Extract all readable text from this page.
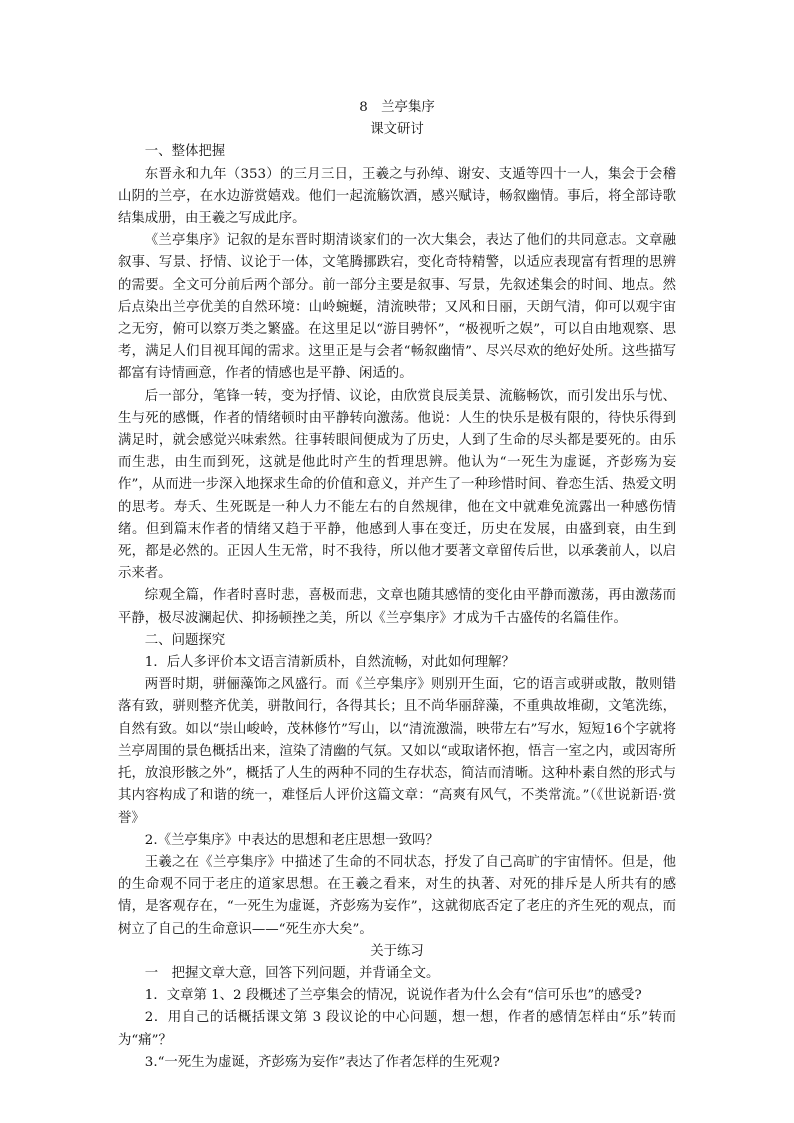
8　兰亭集序

课文研讨

一、整体把握

东晋永和九年（353）的三月三日，王羲之与孙绰、谢安、支遁等四十一人，集会于会稽山阴的兰亭，在水边游赏嬉戏。他们一起流觞饮酒，感兴赋诗，畅叙幽情。事后，将全部诗歌结集成册，由王羲之写成此序。

《兰亭集序》记叙的是东晋时期清谈家们的一次大集会，表达了他们的共同意志。文章融叙事、写景、抒情、议论于一体，文笔腾挪跌宕，变化奇特精警，以适应表现富有哲理的思辨的需要。全文可分前后两个部分。前一部分主要是叙事、写景，先叙述集会的时间、地点。然后点染出兰亭优美的自然环境：山岭蜿蜒，清流映带；又风和日丽，天朗气清，仰可以观宇宙之无穷，俯可以察万类之繁盛。在这里足以“游目骋怀”，“极视听之娱”，可以自由地观察、思考，满足人们目视耳闻的需求。这里正是与会者“畅叙幽情”、尽兴尽欢的绝好处所。这些描写都富有诗情画意，作者的情感也是平静、闲适的。

后一部分，笔锋一转，变为抒情、议论，由欣赏良辰美景、流觞畅饮，而引发出乐与忧、生与死的感慨，作者的情绪顿时由平静转向激荡。他说：人生的快乐是极有限的，待快乐得到满足时，就会感觉兴味索然。往事转眼间便成为了历史，人到了生命的尽头都是要死的。由乐而生悲，由生而到死，这就是他此时产生的哲理思辨。他认为“一死生为虚诞，齐彭殇为妄作”，从而进一步深入地探求生命的价值和意义，并产生了一种珍惜时间、眷恋生活、热爱文明的思考。寿夭、生死既是一种人力不能左右的自然规律，他在文中就难免流露出一种感伤情绪。但到篇末作者的情绪又趋于平静，他感到人事在变迁，历史在发展，由盛到衰，由生到死，都是必然的。正因人生无常，时不我待，所以他才要著文章留传后世，以承袭前人，以启示来者。

综观全篇，作者时喜时悲，喜极而悲，文章也随其感情的变化由平静而激荡，再由激荡而平静，极尽波澜起伏、抑扬顿挫之美，所以《兰亭集序》才成为千古盛传的名篇佳作。

二、问题探究

1．后人多评价本文语言清新质朴，自然流畅，对此如何理解？

两晋时期，骈俪藻饰之风盛行。而《兰亭集序》则别开生面，它的语言或骈或散，散则错落有致，骈则整齐优美，骈散间行，各得其长；且不尚华丽辞藻，不重典故堆砌，文笔洗练，自然有致。如以“崇山峻岭，茂林修竹”写山，以“清流激湍，映带左右”写水，短短16个字就将兰亭周围的景色概括出来，渲染了清幽的气氛。又如以“或取诸怀抱，悟言一室之内，或因寄所托，放浪形骸之外”，概括了人生的两种不同的生存状态，简洁而清晰。这种朴素自然的形式与其内容构成了和谐的统一，难怪后人评价这篇文章：“高爽有风气，不类常流。”（《世说新语·赏誉》

2.《兰亭集序》中表达的思想和老庄思想一致吗？

王羲之在《兰亭集序》中描述了生命的不同状态，抒发了自己高旷的宇宙情怀。但是，他的生命观不同于老庄的道家思想。在王羲之看来，对生的执著、对死的排斥是人所共有的感情，是客观存在，“一死生为虚诞，齐彭殇为妄作”，这就彻底否定了老庄的齐生死的观点，而树立了自己的生命意识——“死生亦大矣”。

关于练习

一　把握文章大意，回答下列问题，并背诵全文。

1．文章第 1、2 段概述了兰亭集会的情况，说说作者为什么会有“信可乐也”的感受?

2．用自己的话概括课文第 3 段议论的中心问题，想一想，作者的感情怎样由“乐”转而为“痛”？

3.“一死生为虚诞，齐彭殇为妄作”表达了作者怎样的生死观?
